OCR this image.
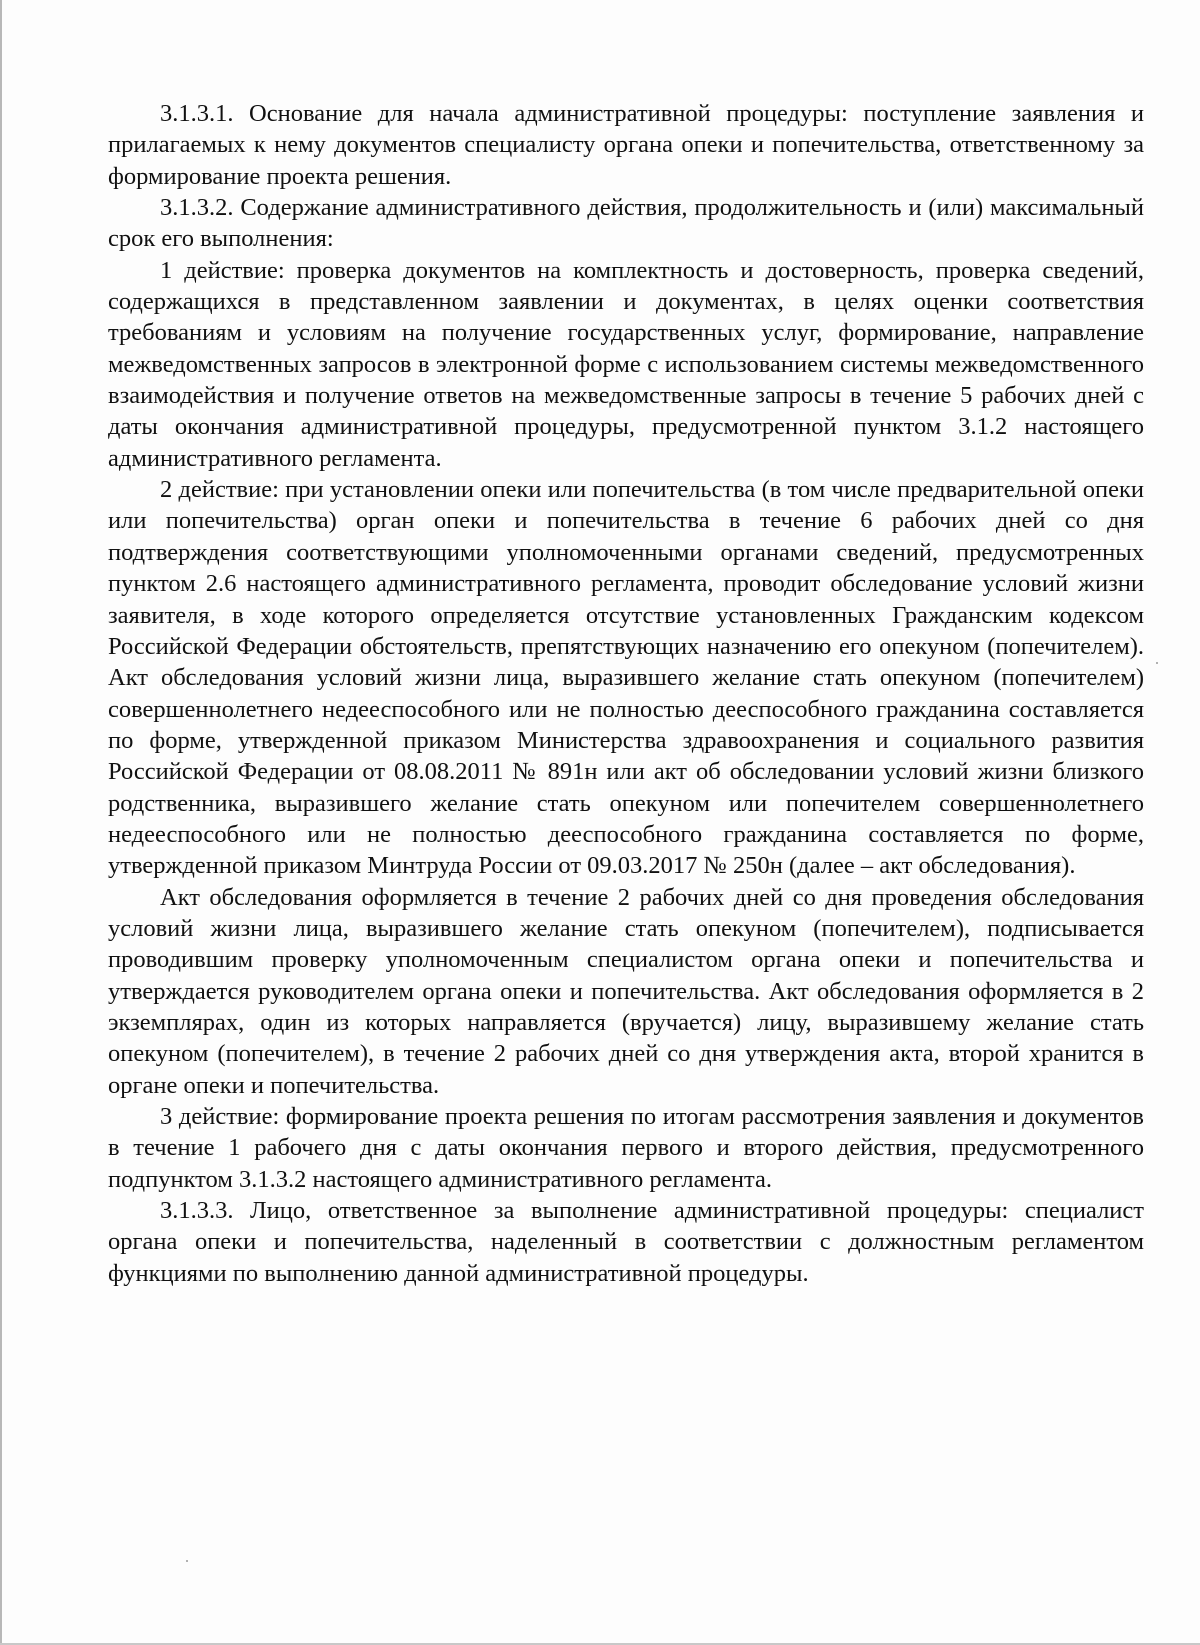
3.1.3.1. Основание для начала административной процедуры: поступление заявления и прилагаемых к нему документов специалисту органа опеки и попечительства, ответственному за формирование проекта решения.

3.1.3.2. Содержание административного действия, продолжительность и (или) максимальный срок его выполнения:

1 действие: проверка документов на комплектность и достоверность, проверка сведений, содержащихся в представленном заявлении и документах, в целях оценки соответствия требованиям и условиям на получение государственных услуг, формирование, направление межведомственных запросов в электронной форме с использованием системы межведомственного взаимодействия и получение ответов на межведомственные запросы в течение 5 рабочих дней с даты окончания административной процедуры, предусмотренной пунктом 3.1.2 настоящего административного регламента.

2 действие: при установлении опеки или попечительства (в том числе предварительной опеки или попечительства) орган опеки и попечительства в течение 6 рабочих дней со дня подтверждения соответствующими уполномоченными органами сведений, предусмотренных пунктом 2.6 настоящего административного регламента, проводит обследование условий жизни заявителя, в ходе которого определяется отсутствие установленных Гражданским кодексом Российской Федерации обстоятельств, препятствующих назначению его опекуном (попечителем). Акт обследования условий жизни лица, выразившего желание стать опекуном (попечителем) совершеннолетнего недееспособного или не полностью дееспособного гражданина составляется по форме, утвержденной приказом Министерства здравоохранения и социального развития Российской Федерации от 08.08.2011 № 891н или акт об обследовании условий жизни близкого родственника, выразившего желание стать опекуном или попечителем совершеннолетнего недееспособного или не полностью дееспособного гражданина составляется по форме, утвержденной приказом Минтруда России от 09.03.2017 № 250н (далее – акт обследования).

Акт обследования оформляется в течение 2 рабочих дней со дня проведения обследования условий жизни лица, выразившего желание стать опекуном (попечителем), подписывается проводившим проверку уполномоченным специалистом органа опеки и попечительства и утверждается руководителем органа опеки и попечительства. Акт обследования оформляется в 2 экземплярах, один из которых направляется (вручается) лицу, выразившему желание стать опекуном (попечителем), в течение 2 рабочих дней со дня утверждения акта, второй хранится в органе опеки и попечительства.

3 действие: формирование проекта решения по итогам рассмотрения заявления и документов в течение 1 рабочего дня с даты окончания первого и второго действия, предусмотренного подпунктом 3.1.3.2 настоящего административного регламента.

3.1.3.3. Лицо, ответственное за выполнение административной процедуры: специалист органа опеки и попечительства, наделенный в соответствии с должностным регламентом функциями по выполнению данной административной процедуры.
